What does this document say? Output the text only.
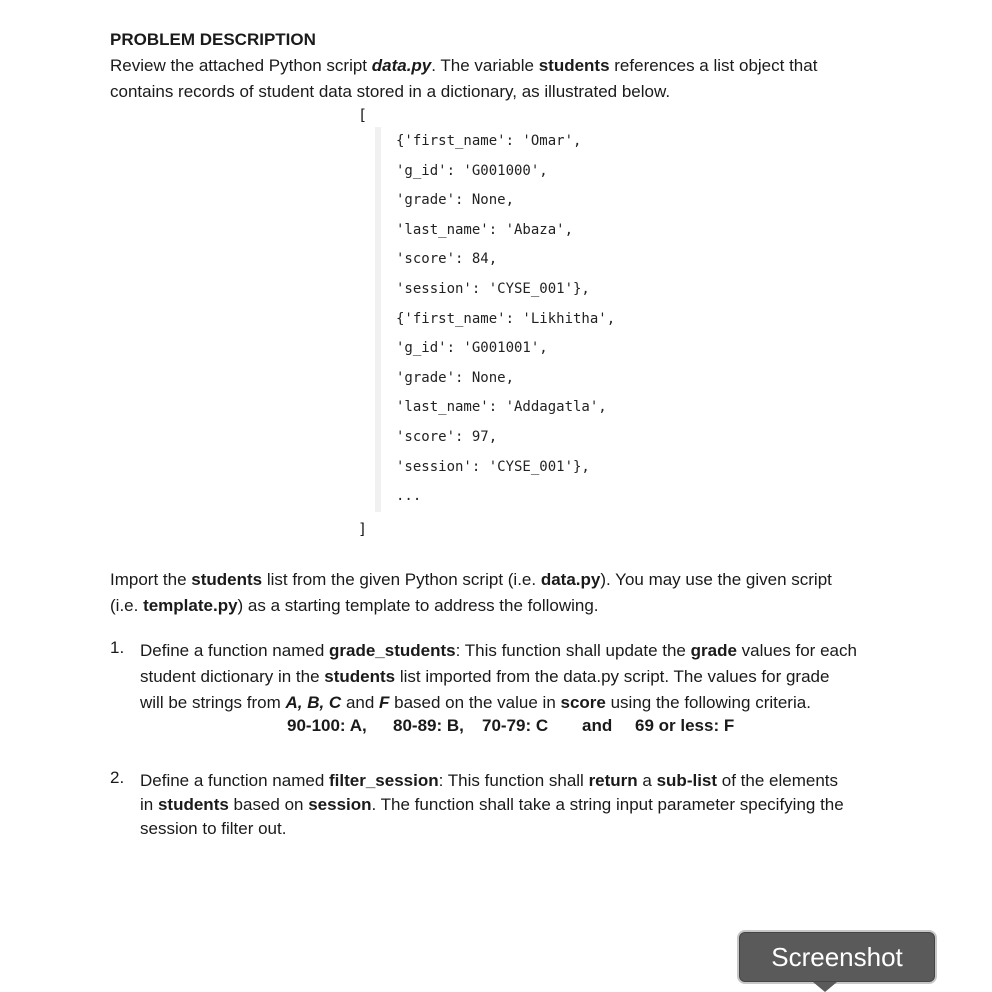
PROBLEM DESCRIPTION
Review the attached Python script data.py. The variable students references a list object that
contains records of student data stored in a dictionary, as illustrated below.
[
{'first_name': 'Omar',
'g_id': 'G001000',
'grade': None,
'last_name': 'Abaza',
'score': 84,
'session': 'CYSE_001'},
{'first_name': 'Likhitha',
'g_id': 'G001001',
'grade': None,
'last_name': 'Addagatla',
'score': 97,
'session': 'CYSE_001'},
...
]
Import the students list from the given Python script (i.e. data.py). You may use the given script
(i.e. template.py) as a starting template to address the following.
1. Define a function named grade_students: This function shall update the grade values for each
student dictionary in the students list imported from the data.py script. The values for grade
will be strings from A, B, C and F based on the value in score using the following criteria.
90-100: A, 80-89: B, 70-79: C and 69 or less: F
2. Define a function named filter_session: This function shall return a sub-list of the elements
in students based on session. The function shall take a string input parameter specifying the
session to filter out.
Screenshot
